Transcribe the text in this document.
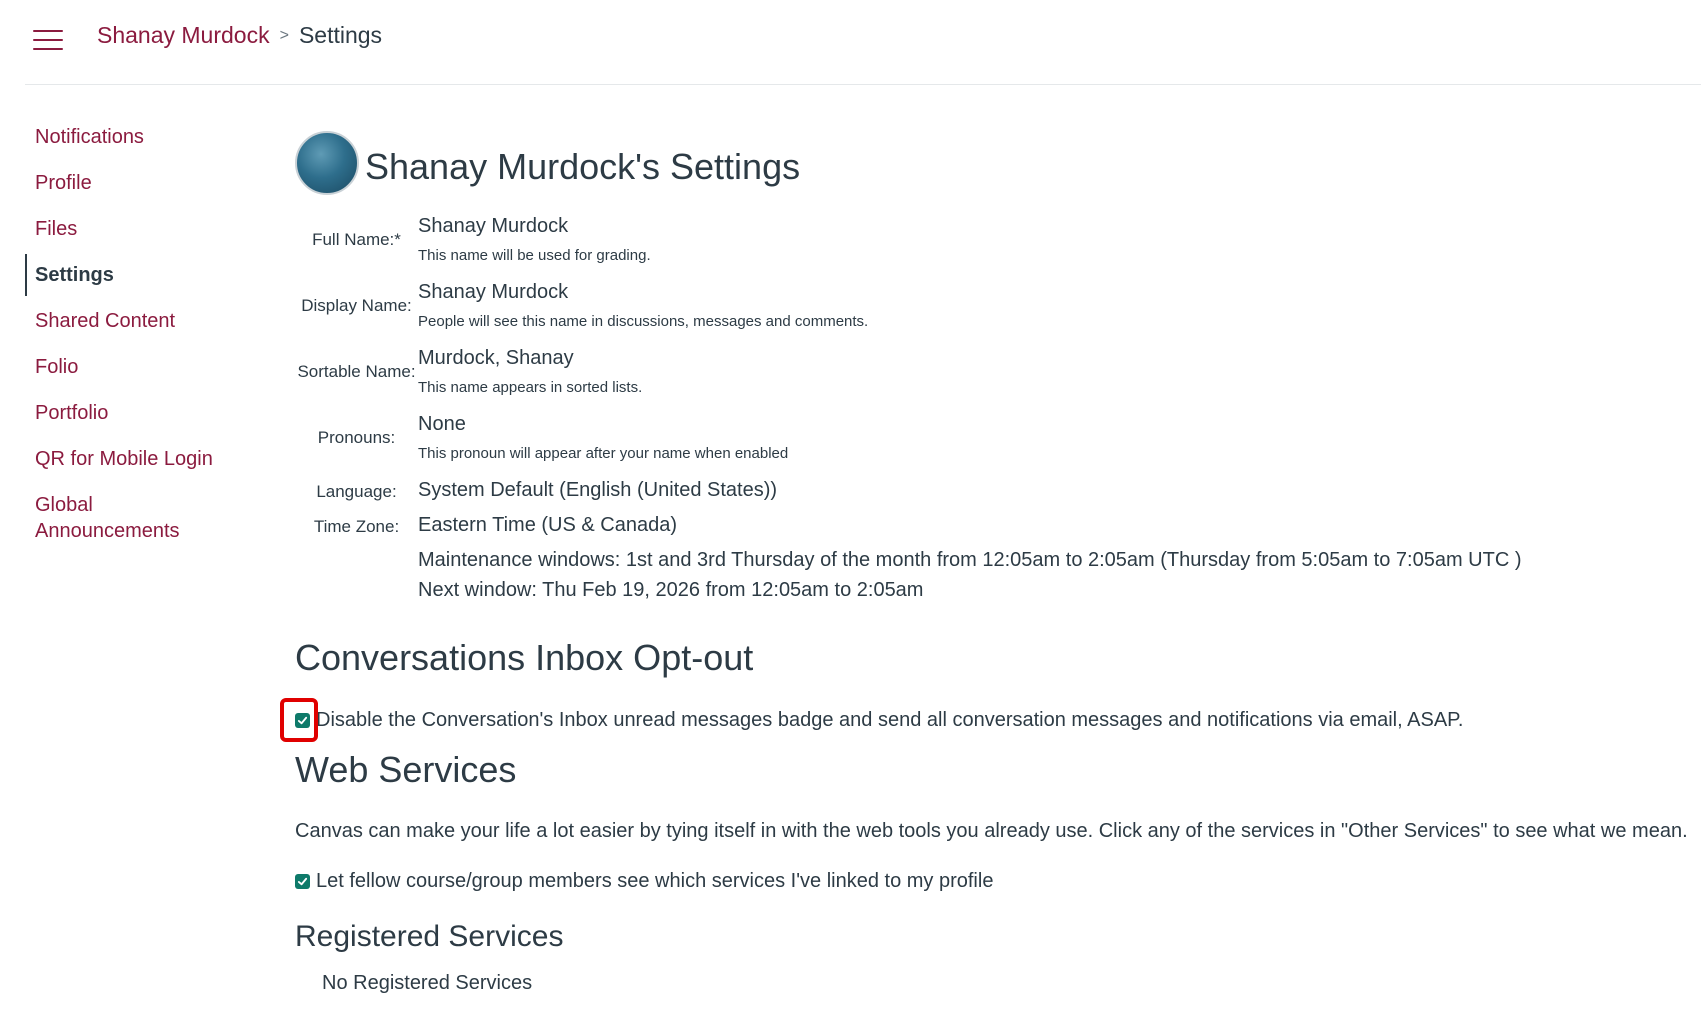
Shanay Murdock > Settings
Notifications
Profile
Files
Settings
Shared Content
Folio
Portfolio
QR for Mobile Login
Global Announcements
Shanay Murdock's Settings
Full Name:*
Shanay Murdock
This name will be used for grading.
Display Name:
Shanay Murdock
People will see this name in discussions, messages and comments.
Sortable Name:
Murdock, Shanay
This name appears in sorted lists.
Pronouns:
None
This pronoun will appear after your name when enabled
Language:	System Default (English (United States))
Time Zone: Eastern Time (US & Canada)
Maintenance windows: 1st and 3rd Thursday of the month from 12:05am to 2:05am (Thursday from 5:05am to 7:05am UTC )
Next window: Thu Feb 19, 2026 from 12:05am to 2:05am
Conversations Inbox Opt-out
Disable the Conversation's Inbox unread messages badge and send all conversation messages and notifications via email, ASAP.
Web Services
Canvas can make your life a lot easier by tying itself in with the web tools you already use. Click any of the services in "Other Services" to see what we mean.
Let fellow course/group members see which services I've linked to my profile
Registered Services
No Registered Services
